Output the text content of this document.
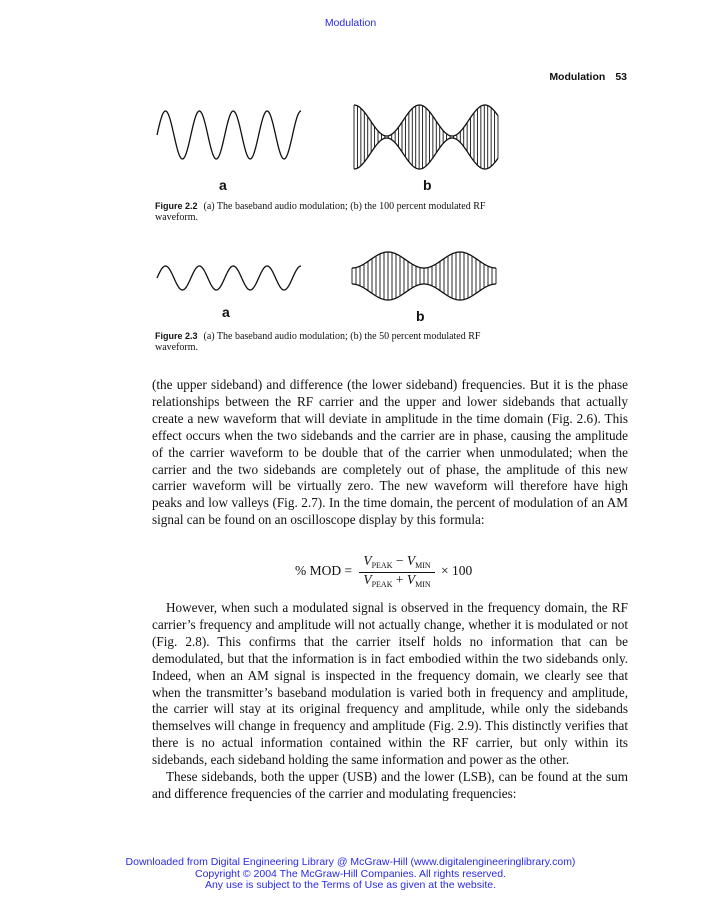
Modulation
Modulation 53
a	b
Figure 2.2 (a) The baseband audio modulation; (b) the 100 percent modulated RF waveform.
a	b
Figure 2.3 (a) The baseband audio modulation; (b) the 50 percent modulated RF waveform.

(the upper sideband) and difference (the lower sideband) frequencies. But it is the phase relationships between the RF carrier and the upper and lower sidebands that actually create a new waveform that will deviate in amplitude in the time domain (Fig. 2.6). This effect occurs when the two sidebands and the carrier are in phase, causing the amplitude of the carrier waveform to be double that of the carrier when unmodulated; when the carrier and the two sidebands are completely out of phase, the amplitude of this new carrier waveform will be virtually zero. The new waveform will therefore have high peaks and low valleys (Fig. 2.7). In the time domain, the percent of modulation of an AM signal can be found on an oscilloscope display by this formula:

% MOD =
$V_{PEAK} - V_{MIN}$
$V_{PEAK} + V_{MIN}$
× 100

However, when such a modulated signal is observed in the frequency domain, the RF carrier’s frequency and amplitude will not actually change, whether it is modulated or not (Fig. 2.8). This confirms that the carrier itself holds no information that can be demodulated, but that the information is in fact embodied within the two sidebands only. Indeed, when an AM signal is inspected in the frequency domain, we clearly see that when the transmitter’s baseband modulation is varied both in frequency and amplitude, the carrier will stay at its original frequency and amplitude, while only the sidebands themselves will change in frequency and amplitude (Fig. 2.9). This distinctly verifies that there is no actual information contained within the RF carrier, but only within its sidebands, each sideband holding the same information and power as the other.

These sidebands, both the upper (USB) and the lower (LSB), can be found at the sum and difference frequencies of the carrier and modulating frequencies:

Downloaded from Digital Engineering Library @ McGraw-Hill (www.digitalengineeringlibrary.com)
Copyright © 2004 The McGraw-Hill Companies. All rights reserved.
Any use is subject to the Terms of Use as given at the website.
